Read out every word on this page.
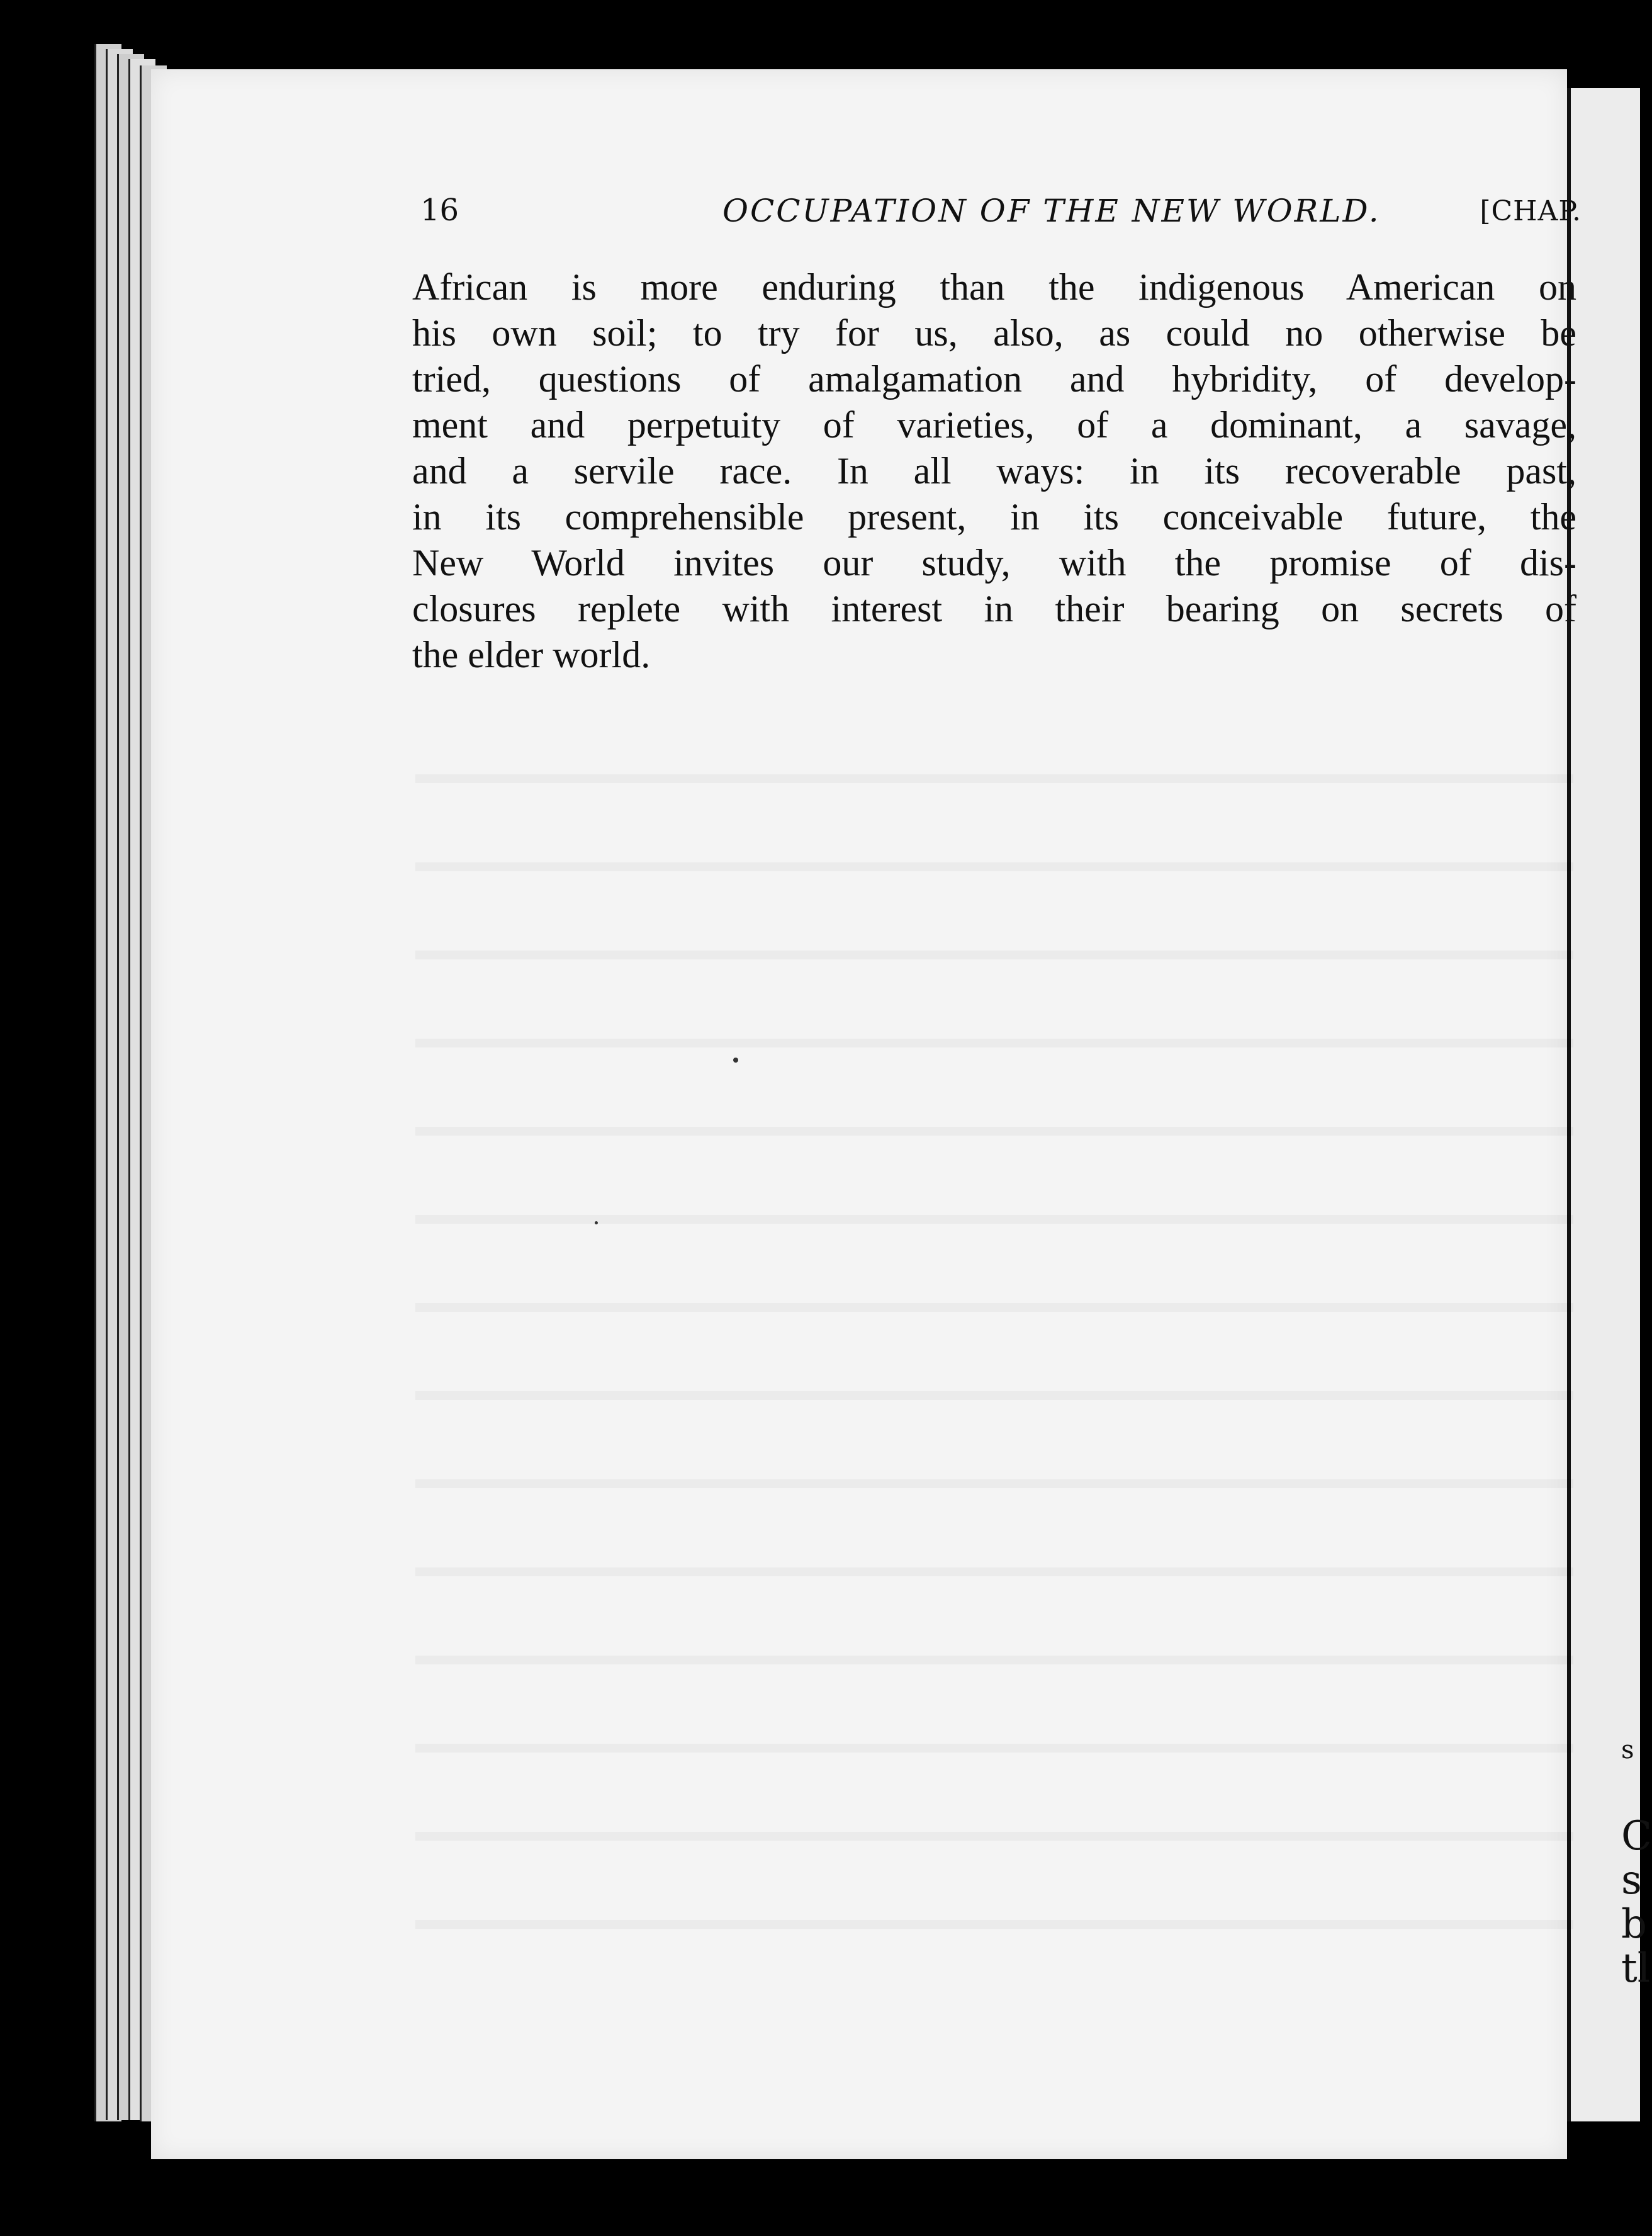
s
C
s
b
tl
16	OCCUPATION OF THE NEW WORLD.	[CHAP.
African is more enduring than the indigenous American on
his own soil; to try for us, also, as could no otherwise be
tried, questions of amalgamation and hybridity, of develop-
ment and perpetuity of varieties, of a dominant, a savage,
and a servile race. In all ways: in its recoverable past,
in its comprehensible present, in its conceivable future, the
New World invites our study, with the promise of dis-
closures replete with interest in their bearing on secrets of
the elder world.
